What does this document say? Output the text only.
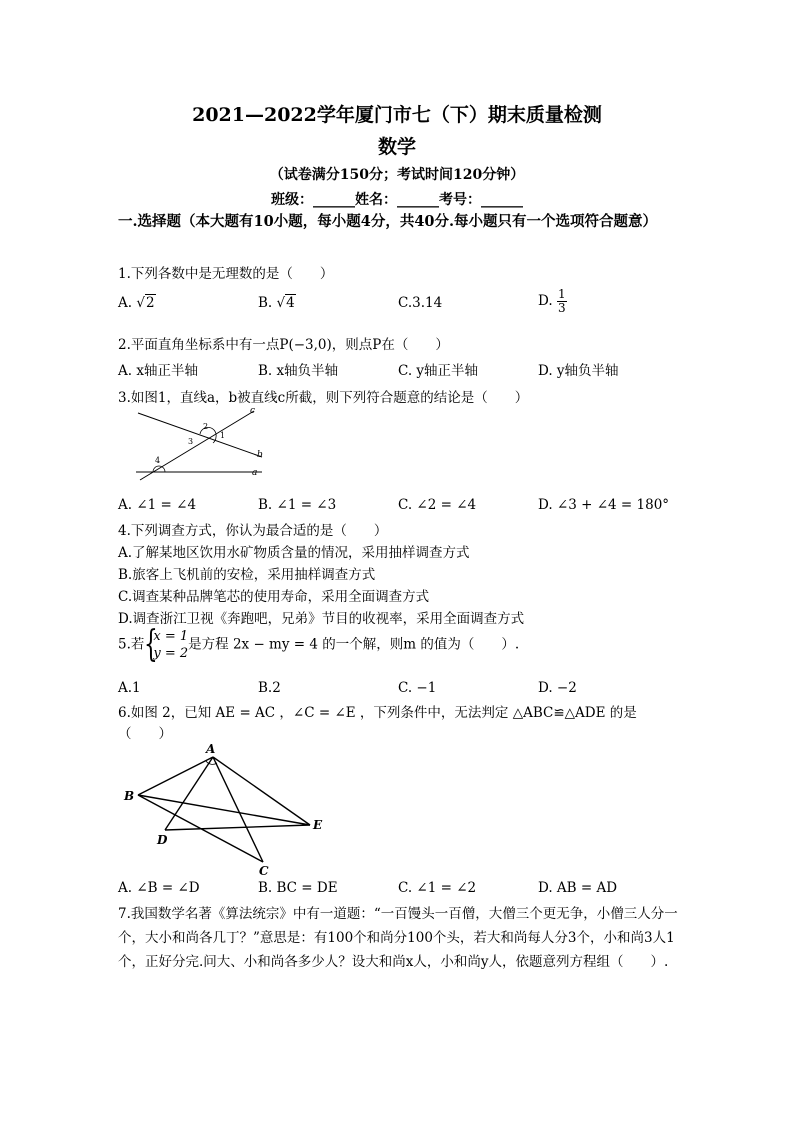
2021—2022学年厦门市七（下）期末质量检测
数学
（试卷满分150分；考试时间120分钟）
班级：______姓名：______考号：______
一.选择题（本大题有10小题，每小题4分，共40分.每小题只有一个选项符合题意）
1.下列各数中是无理数的是（　　）
A. √2	B. √4	C.3.14	D. $\frac{1}{3}$
2.平面直角坐标系中有一点P(−3,0)，则点P在（　　）
A. x轴正半轴	B. x轴负半轴	C. y轴正半轴	D. y轴负半轴
3.如图1，直线a，b被直线c所截，则下列符合题意的结论是（　　）
c
b
a
1
2
3
4
A. ∠1 = ∠4	B. ∠1 = ∠3	C. ∠2 = ∠4	D. ∠3 + ∠4 = 180°
4.下列调查方式，你认为最合适的是（　　）
A.了解某地区饮用水矿物质含量的情况，采用抽样调查方式
B.旅客上飞机前的安检，采用抽样调查方式
C.调查某种品牌笔芯的使用寿命，采用全面调查方式
D.调查浙江卫视《奔跑吧，兄弟》节目的收视率，采用全面调查方式
5.若 {
x = 1
y = 2
是方程 2x − my = 4 的一个解，则m 的值为（　　）.
A.1	B.2	C. −1	D. −2
6.如图 2，已知 AE = AC ，∠C = ∠E ，下列条件中，无法判定 △ABC≌△ADE 的是
（　　）
A
B
C
D
E
A. ∠B = ∠D	B. BC = DE	C. ∠1 = ∠2	D. AB = AD
7.我国数学名著《算法统宗》中有一道题：“一百馒头一百僧，大僧三个更无争，小僧三人分一个，大小和尚各几丁？”意思是：有100个和尚分100个头，若大和尚每人分3个，小和尚3人1个，正好分完.问大、小和尚各多少人？设大和尚x人，小和尚y人，依题意列方程组（　　）.
